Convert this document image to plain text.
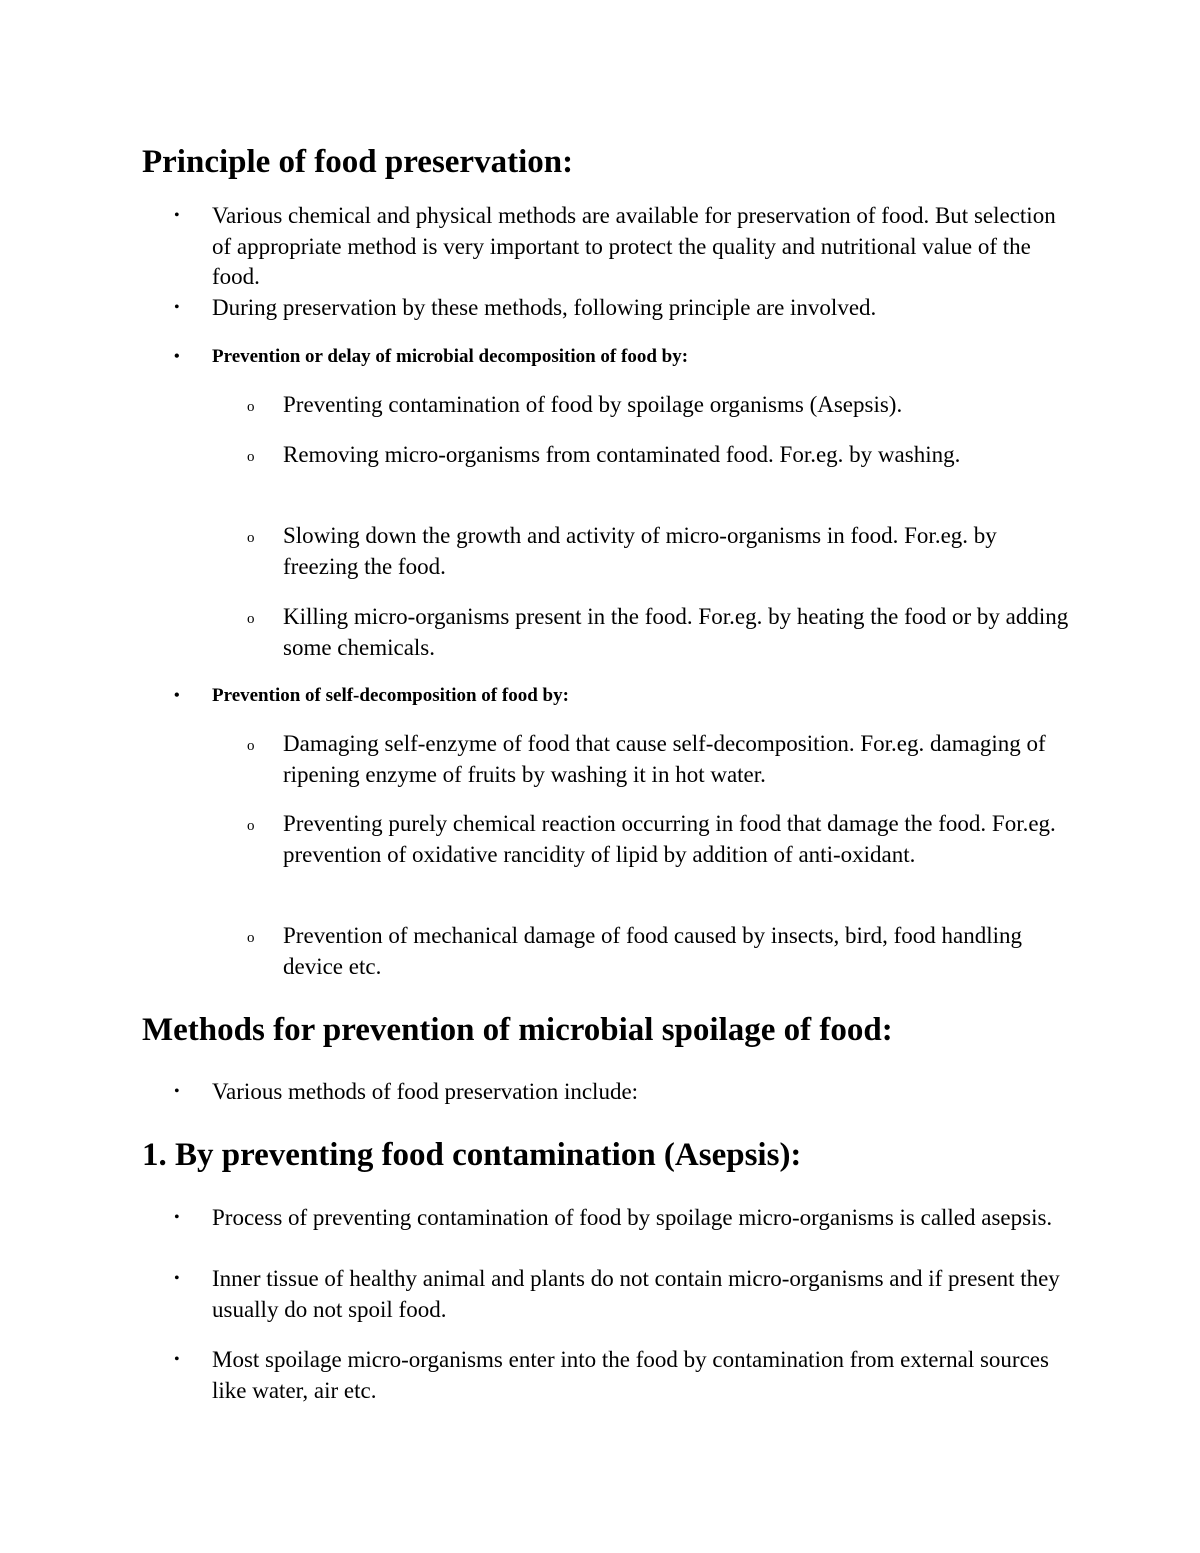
Principle of food preservation:
• Various chemical and physical methods are available for preservation of food. But selection of appropriate method is very important to protect the quality and nutritional value of the food.
• During preservation by these methods, following principle are involved.
• Prevention or delay of microbial decomposition of food by:
o Preventing contamination of food by spoilage organisms (Asepsis).
o Removing micro-organisms from contaminated food. For.eg. by washing.
o Slowing down the growth and activity of micro-organisms in food. For.eg. by freezing the food.
o Killing micro-organisms present in the food. For.eg. by heating the food or by adding some chemicals.
• Prevention of self-decomposition of food by:
o Damaging self-enzyme of food that cause self-decomposition. For.eg. damaging of ripening enzyme of fruits by washing it in hot water.
o Preventing purely chemical reaction occurring in food that damage the food. For.eg. prevention of oxidative rancidity of lipid by addition of anti-oxidant.
o Prevention of mechanical damage of food caused by insects, bird, food handling device etc.
Methods for prevention of microbial spoilage of food:
• Various methods of food preservation include:
1. By preventing food contamination (Asepsis):
• Process of preventing contamination of food by spoilage micro-organisms is called asepsis.
• Inner tissue of healthy animal and plants do not contain micro-organisms and if present they usually do not spoil food.
• Most spoilage micro-organisms enter into the food by contamination from external sources like water, air etc.
